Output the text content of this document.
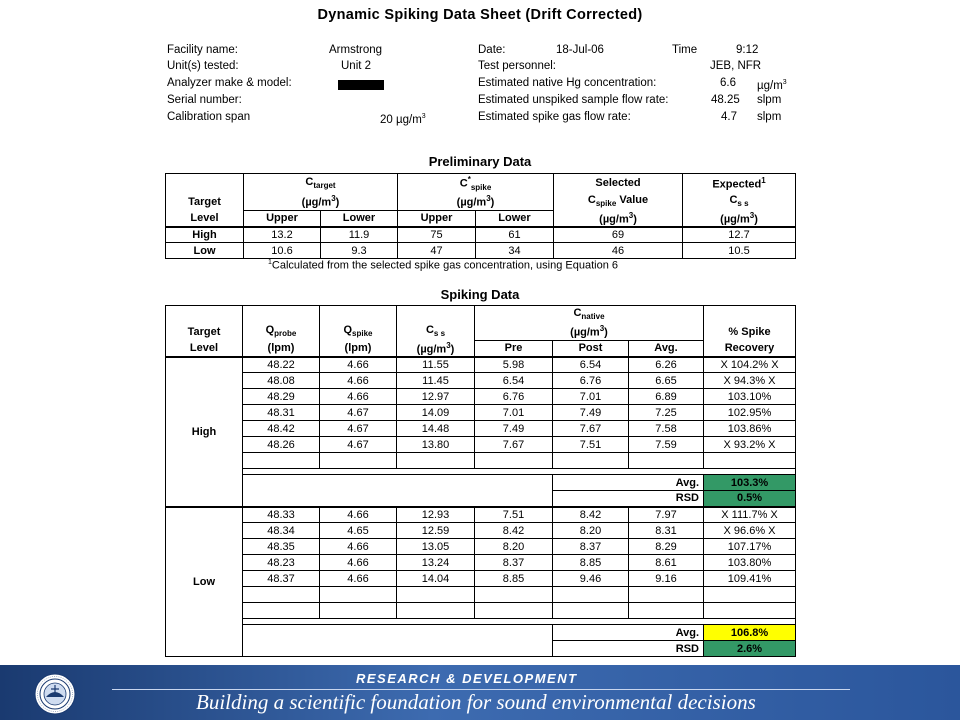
Dynamic Spiking Data Sheet (Drift Corrected)
Facility name:	Armstrong
Unit(s) tested:	Unit 2
Analyzer make & model:
Serial number:
Calibration span	20 $\mu g/m^3$
Date:	18-Jul-06	Time	9:12
Test personnel:	JEB, NFR
Estimated native Hg concentration:	6.6 $\mu g/m^3$
Estimated unspiked sample flow rate:	48.25 slpm
Estimated spike gas flow rate:	4.7 slpm
Preliminary Data
	$C_{target}$		$C^*_{spike}$		Selected	Expected$^1$
Target	$(\mu g/m^3)$		$(\mu g/m^3)$		$C_{spike}$ Value	$C_{s s}$
Level	Upper	Lower	Upper	Lower	$(\mu g/m^3)$	$(\mu g/m^3)$
High	13.2	11.9	75	61	69	12.7
Low	10.6	9.3	47	34	46	10.5
$^1$Calculated from the selected spike gas concentration, using Equation 6
Spiking Data
				$C_{native}$	
Target	$Q_{probe}$	$Q_{spike}$	$C_{s s}$	$(\mu g/m^3)$			% Spike
Level	(lpm)	(lpm)	$(\mu g/m^3)$	Pre	Post	Avg.	Recovery
High	48.22	4.66	11.55	5.98	6.54	6.26	X 104.2% X
	48.08	4.66	11.45	6.54	6.76	6.65	X 94.3% X
	48.29	4.66	12.97	6.76	7.01	6.89	103.10%
	48.31	4.67	14.09	7.01	7.49	7.25	102.95%
	48.42	4.67	14.48	7.49	7.67	7.58	103.86%
	48.26	4.67	13.80	7.67	7.51	7.59	X 93.2% X

					Avg.		103.3%
					RSD		0.5%
Low	48.33	4.66	12.93	7.51	8.42	7.97	X 111.7% X
	48.34	4.65	12.59	8.42	8.20	8.31	X 96.6% X
	48.35	4.66	13.05	8.20	8.37	8.29	107.17%
	48.23	4.66	13.24	8.37	8.85	8.61	103.80%
	48.37	4.66	14.04	8.85	9.46	9.16	109.41%

					Avg.		106.8%
					RSD		2.6%
RESEARCH & DEVELOPMENT
Building a scientific foundation for sound environmental decisions
